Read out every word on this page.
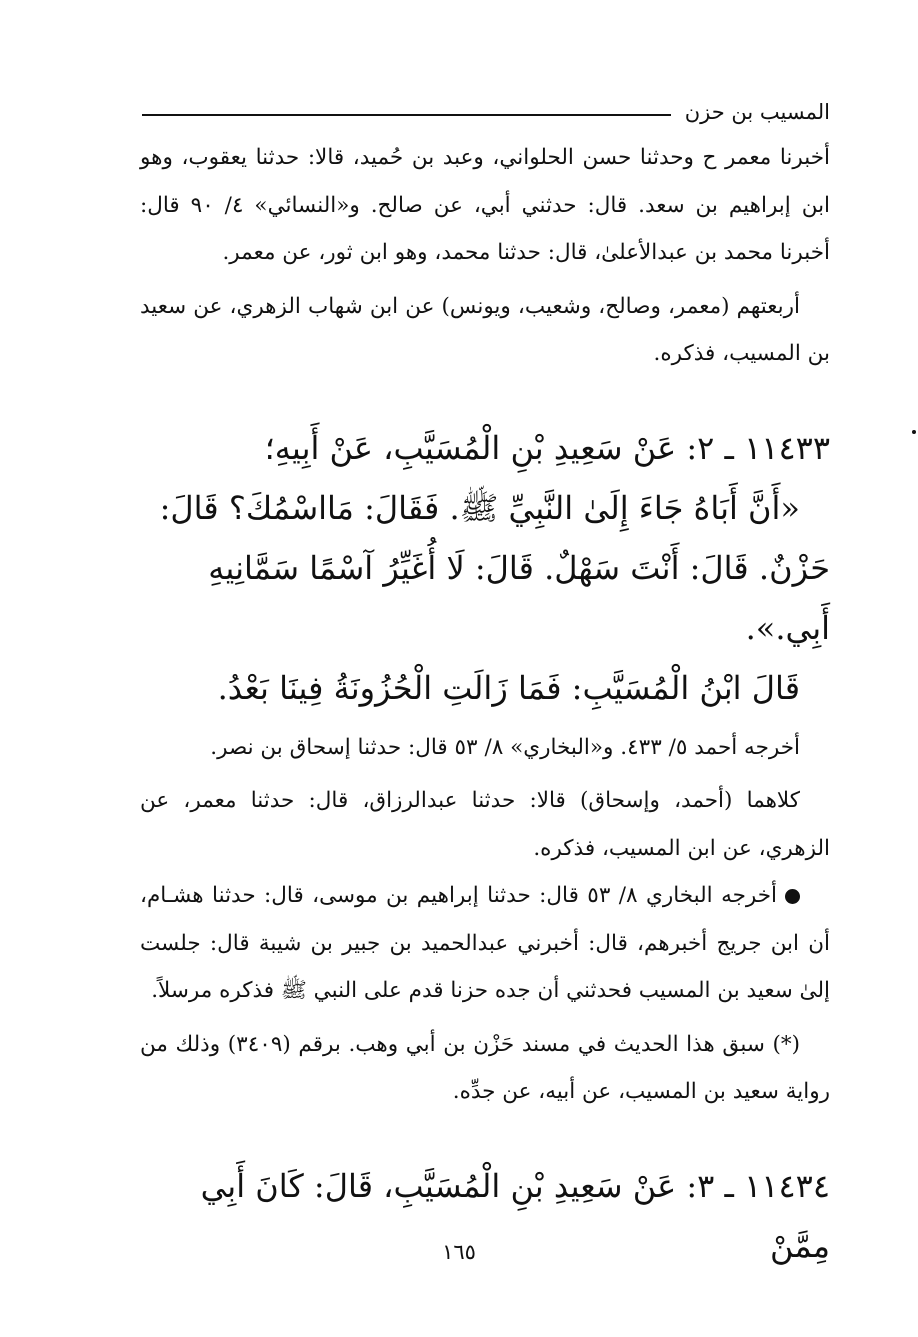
المسيب بن حزن

أخبرنا معمر ح وحدثنا حسن الحلواني، وعبد بن حُميد، قالا: حدثنا يعقوب، وهو ابن إبراهيم بن سعد. قال: حدثني أبي، عن صالح. و«النسائي» ٤/ ٩٠ قال: أخبرنا محمد بن عبدالأعلىٰ، قال: حدثنا محمد، وهو ابن ثور، عن معمر.

أربعتهم (معمر، وصالح، وشعيب، ويونس) عن ابن شهاب الزهري، عن سعيد بن المسيب، فذكره.

١١٤٣٣ ـ ٢: عَنْ سَعِيدِ بْنِ الْمُسَيَّبِ، عَنْ أَبِيهِ؛

«أَنَّ أَبَاهُ جَاءَ إِلَىٰ النَّبِيِّ ﷺ. فَقَالَ: مَااسْمُكَ؟ قَالَ: حَزْنٌ. قَالَ: أَنْتَ سَهْلٌ. قَالَ: لَا أُغَيِّرُ آسْمًا سَمَّانِيهِ أَبِي.».

قَالَ ابْنُ الْمُسَيَّبِ: فَمَا زَالَتِ الْحُزُونَةُ فِينَا بَعْدُ.

أخرجه أحمد ٥/ ٤٣٣. و«البخاري» ٨/ ٥٣ قال: حدثنا إسحاق بن نصر.

كلاهما (أحمد، وإسحاق) قالا: حدثنا عبدالرزاق، قال: حدثنا معمر، عن الزهري، عن ابن المسيب، فذكره.

أخرجه البخاري ٨/ ٥٣ قال: حدثنا إبراهيم بن موسى، قال: حدثنا هشـام، أن ابن جريج أخبرهم، قال: أخبرني عبدالحميد بن جبير بن شيبة قال: جلست إلىٰ سعيد بن المسيب فحدثني أن جده حزنا قدم على النبي ﷺ فذكره مرسلاً.

(*) سبق هذا الحديث في مسند حَزْن بن أبي وهب. برقم (٣٤٠٩) وذلك من رواية سعيد بن المسيب، عن أبيه، عن جدِّه.

١١٤٣٤ ـ ٣: عَنْ سَعِيدِ بْنِ الْمُسَيَّبِ، قَالَ: كَانَ أَبِي مِمَّنْ

١٦٥
